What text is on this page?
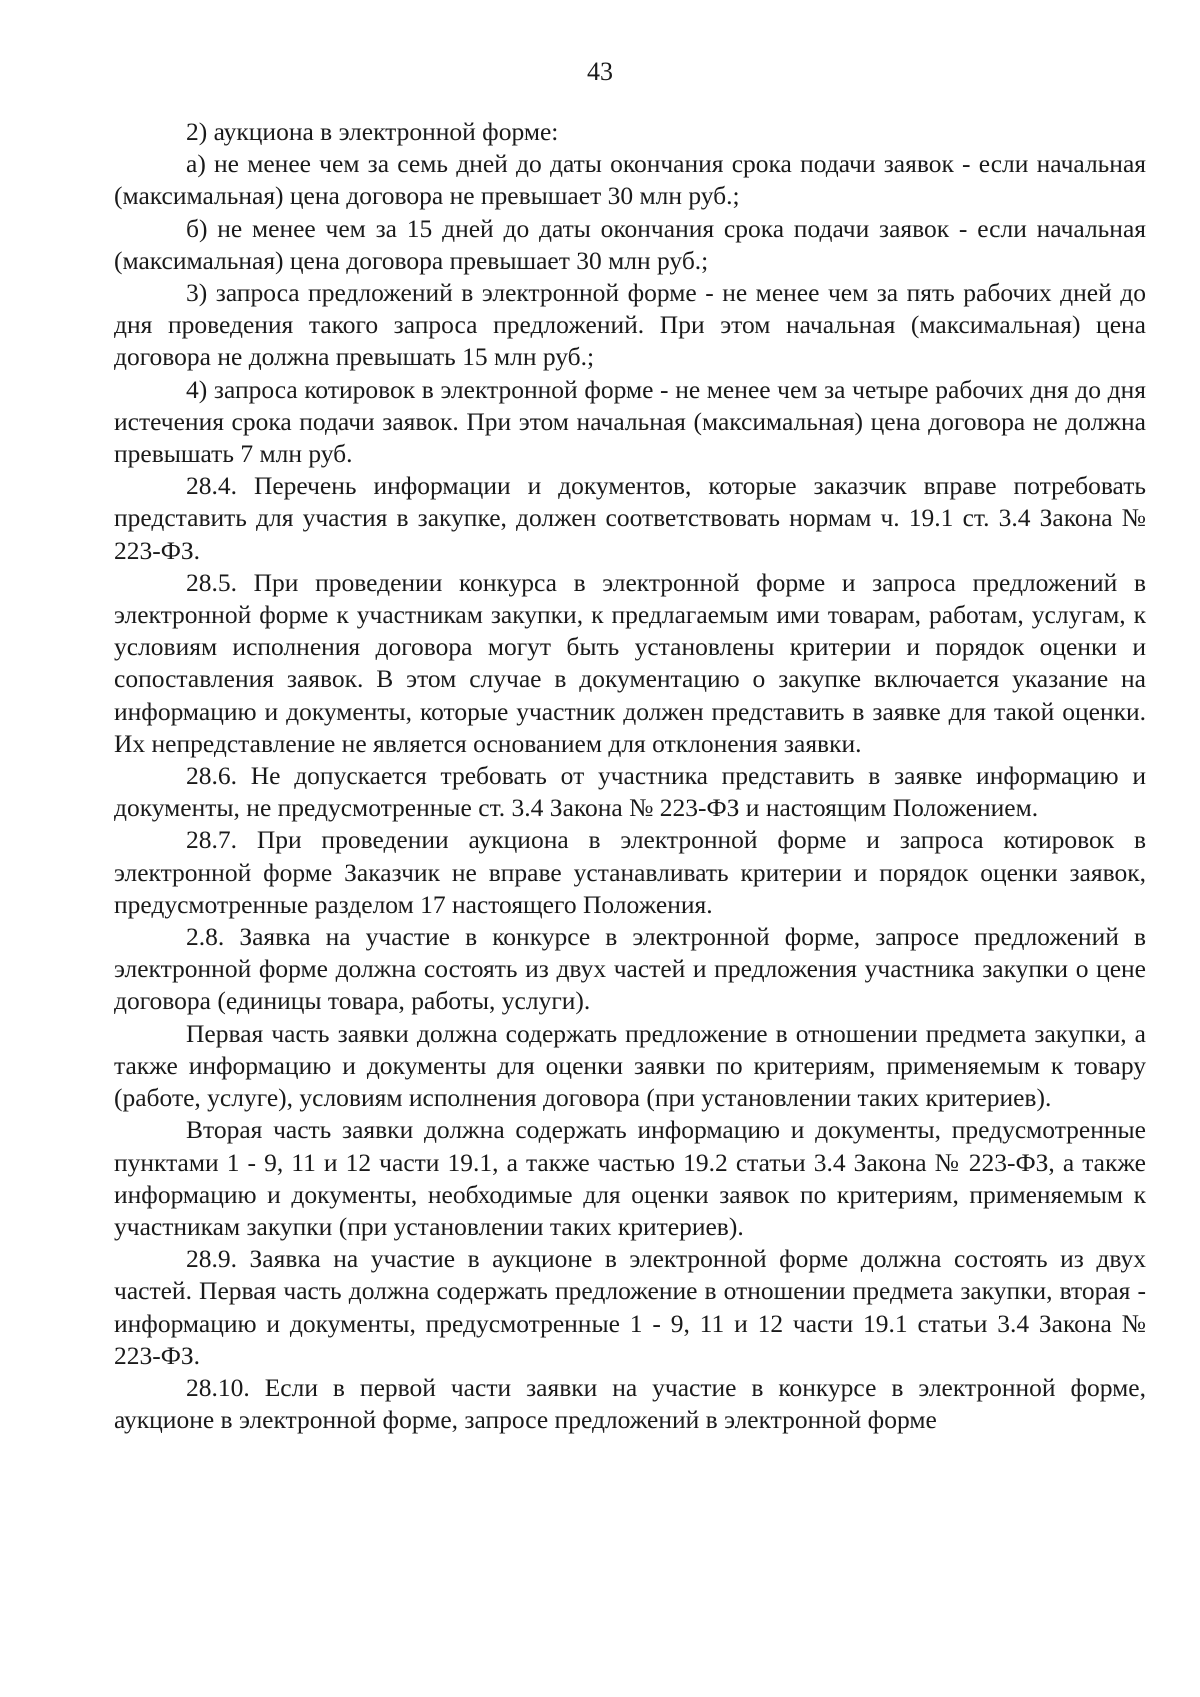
43

2) аукциона в электронной форме:

а) не менее чем за семь дней до даты окончания срока подачи заявок - если начальная (максимальная) цена договора не превышает 30 млн руб.;

б) не менее чем за 15 дней до даты окончания срока подачи заявок - если начальная (максимальная) цена договора превышает 30 млн руб.;

3) запроса предложений в электронной форме - не менее чем за пять рабочих дней до дня проведения такого запроса предложений. При этом начальная (максимальная) цена договора не должна превышать 15 млн руб.;

4) запроса котировок в электронной форме - не менее чем за четыре рабочих дня до дня истечения срока подачи заявок. При этом начальная (максимальная) цена договора не должна превышать 7 млн руб.

28.4. Перечень информации и документов, которые заказчик вправе потребовать представить для участия в закупке, должен соответствовать нормам ч. 19.1 ст. 3.4 Закона № 223-ФЗ.

28.5. При проведении конкурса в электронной форме и запроса предложений в электронной форме к участникам закупки, к предлагаемым ими товарам, работам, услугам, к условиям исполнения договора могут быть установлены критерии и порядок оценки и сопоставления заявок. В этом случае в документацию о закупке включается указание на информацию и документы, которые участник должен представить в заявке для такой оценки. Их непредставление не является основанием для отклонения заявки.

28.6. Не допускается требовать от участника представить в заявке информацию и документы, не предусмотренные ст. 3.4 Закона № 223-ФЗ и настоящим Положением.

28.7. При проведении аукциона в электронной форме и запроса котировок в электронной форме Заказчик не вправе устанавливать критерии и порядок оценки заявок, предусмотренные разделом 17 настоящего Положения.

2.8. Заявка на участие в конкурсе в электронной форме, запросе предложений в электронной форме должна состоять из двух частей и предложения участника закупки о цене договора (единицы товара, работы, услуги).

Первая часть заявки должна содержать предложение в отношении предмета закупки, а также информацию и документы для оценки заявки по критериям, применяемым к товару (работе, услуге), условиям исполнения договора (при установлении таких критериев).

Вторая часть заявки должна содержать информацию и документы, предусмотренные пунктами 1 - 9, 11 и 12 части 19.1, а также частью 19.2 статьи 3.4 Закона № 223-ФЗ, а также информацию и документы, необходимые для оценки заявок по критериям, применяемым к участникам закупки (при установлении таких критериев).

28.9. Заявка на участие в аукционе в электронной форме должна состоять из двух частей. Первая часть должна содержать предложение в отношении предмета закупки, вторая - информацию и документы, предусмотренные 1 - 9, 11 и 12 части 19.1 статьи 3.4 Закона № 223-ФЗ.

28.10. Если в первой части заявки на участие в конкурсе в электронной форме, аукционе в электронной форме, запросе предложений в электронной форме
